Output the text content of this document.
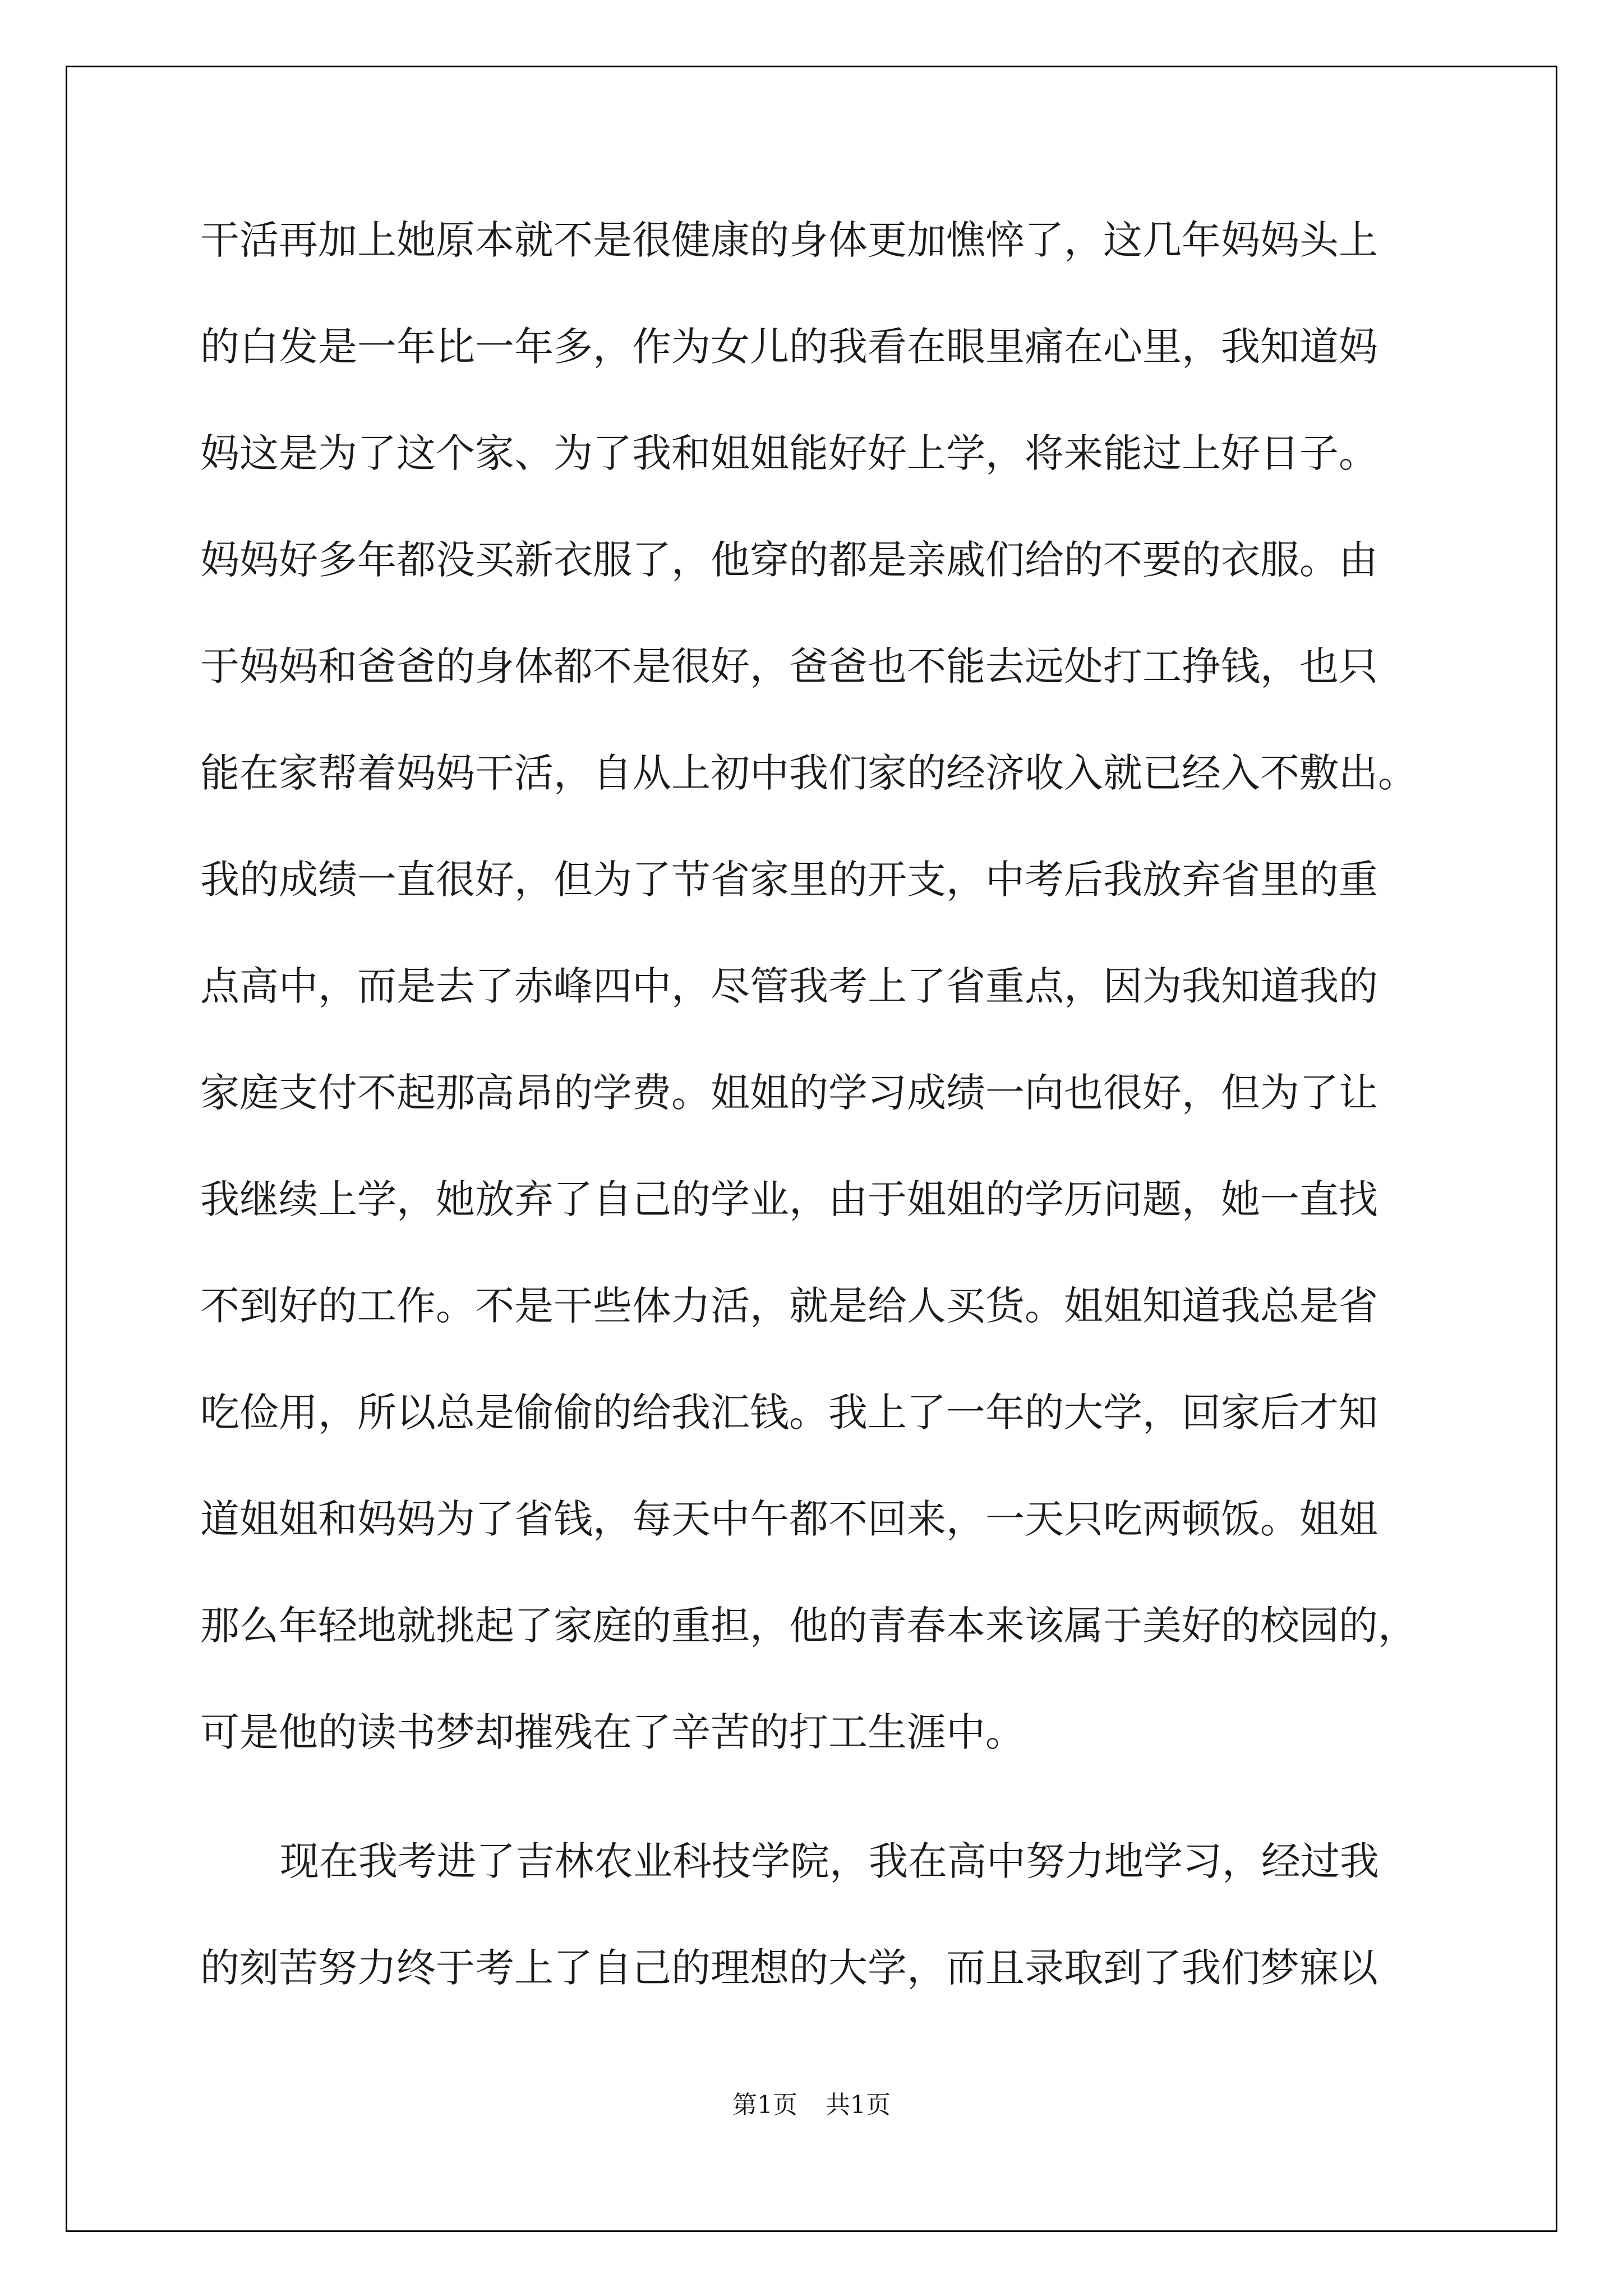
干活再加上她原本就不是很健康的身体更加憔悴了，这几年妈妈头上
的白发是一年比一年多，作为女儿的我看在眼里痛在心里，我知道妈
妈这是为了这个家、为了我和姐姐能好好上学，将来能过上好日子。
妈妈好多年都没买新衣服了，他穿的都是亲戚们给的不要的衣服。由
于妈妈和爸爸的身体都不是很好，爸爸也不能去远处打工挣钱，也只
能在家帮着妈妈干活，自从上初中我们家的经济收入就已经入不敷出。
我的成绩一直很好，但为了节省家里的开支，中考后我放弃省里的重
点高中，而是去了赤峰四中，尽管我考上了省重点，因为我知道我的
家庭支付不起那高昂的学费。姐姐的学习成绩一向也很好，但为了让
我继续上学，她放弃了自己的学业，由于姐姐的学历问题，她一直找
不到好的工作。不是干些体力活，就是给人买货。姐姐知道我总是省
吃俭用，所以总是偷偷的给我汇钱。我上了一年的大学，回家后才知
道姐姐和妈妈为了省钱，每天中午都不回来，一天只吃两顿饭。姐姐
那么年轻地就挑起了家庭的重担，他的青春本来该属于美好的校园的，
可是他的读书梦却摧残在了辛苦的打工生涯中。
现在我考进了吉林农业科技学院，我在高中努力地学习，经过我
的刻苦努力终于考上了自己的理想的大学，而且录取到了我们梦寐以
第1页 共1页
